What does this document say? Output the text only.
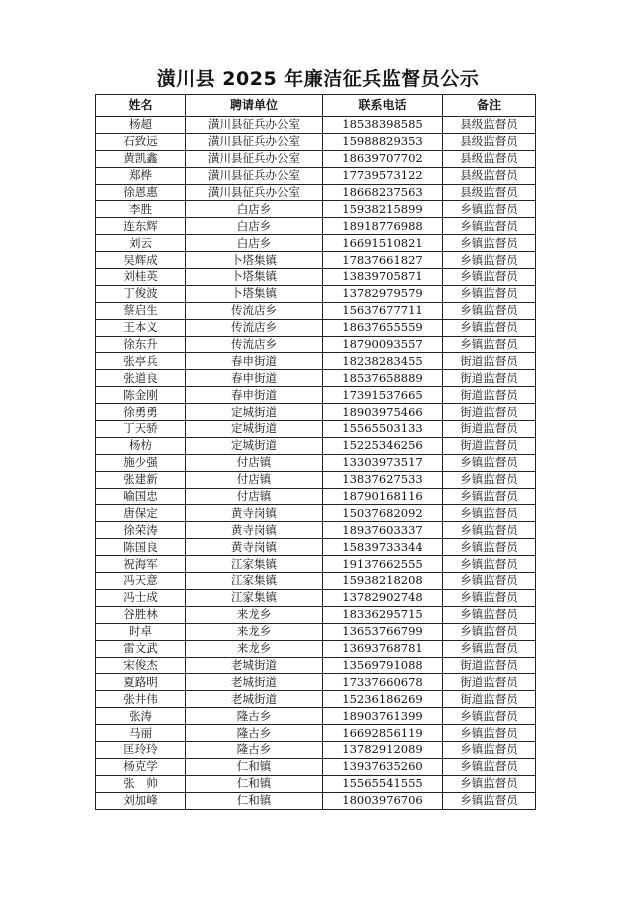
潢川县 2025 年廉洁征兵监督员公示
姓名	聘请单位	联系电话	备注
杨超	潢川县征兵办公室	18538398585	县级监督员
石致远	潢川县征兵办公室	15988829353	县级监督员
黄凯鑫	潢川县征兵办公室	18639707702	县级监督员
郑桦	潢川县征兵办公室	17739573122	县级监督员
徐恩惠	潢川县征兵办公室	18668237563	县级监督员
李胜	白店乡	15938215899	乡镇监督员
连东辉	白店乡	18918776988	乡镇监督员
刘云	白店乡	16691510821	乡镇监督员
吴辉成	卜塔集镇	17837661827	乡镇监督员
刘桂英	卜塔集镇	13839705871	乡镇监督员
丁俊波	卜塔集镇	13782979579	乡镇监督员
蔡启生	传流店乡	15637677711	乡镇监督员
王本义	传流店乡	18637655559	乡镇监督员
徐东升	传流店乡	18790093557	乡镇监督员
张亭兵	春申街道	18238283455	街道监督员
张道良	春申街道	18537658889	街道监督员
陈金刚	春申街道	17391537665	街道监督员
徐勇勇	定城街道	18903975466	街道监督员
丁天骄	定城街道	15565503133	街道监督员
杨枋	定城街道	15225346256	街道监督员
施少强	付店镇	13303973517	乡镇监督员
张建新	付店镇	13837627533	乡镇监督员
喻国忠	付店镇	18790168116	乡镇监督员
唐保定	黄寺岗镇	15037682092	乡镇监督员
徐荣涛	黄寺岗镇	18937603337	乡镇监督员
陈国良	黄寺岗镇	15839733344	乡镇监督员
祝海军	江家集镇	19137662555	乡镇监督员
冯天意	江家集镇	15938218208	乡镇监督员
冯士成	江家集镇	13782902748	乡镇监督员
谷胜林	来龙乡	18336295715	乡镇监督员
时卓	来龙乡	13653766799	乡镇监督员
雷文武	来龙乡	13693768781	乡镇监督员
宋俊杰	老城街道	13569791088	街道监督员
夏路明	老城街道	17337660678	街道监督员
张井伟	老城街道	15236186269	街道监督员
张涛	隆古乡	18903761399	乡镇监督员
马丽	隆古乡	16692856119	乡镇监督员
匡玲玲	隆古乡	13782912089	乡镇监督员
杨克学	仁和镇	13937635260	乡镇监督员
张　帅	仁和镇	15565541555	乡镇监督员
刘加峰	仁和镇	18003976706	乡镇监督员
